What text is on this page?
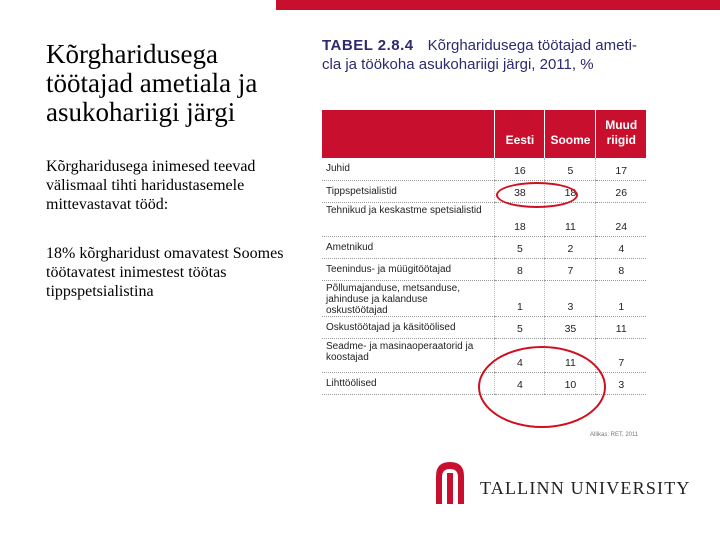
Kõrgharidusega töötajad ametiala ja asukohariigi järgi
Kõrgharidusega inimesed teevad välismaal tihti haridustasemele mittevastavat tööd:
18% kõrgharidust omavatest Soomes töötavatest inimestest töötas tippspetsialistina
TABEL 2.8.4 Kõrgharidusega töötajad ameti-cla ja töökoha asukohariigi järgi, 2011, %
	Eesti	Soome	Muud riigid
Juhid	16	5	17
Tippspetsialistid	38	18	26
Tehnikud ja keskastme spetsialistid	18	11	24
Ametnikud	5	2	4
Teenindus- ja müügitöötajad	8	7	8
Põllumajanduse, metsanduse, jahinduse ja kalanduse oskustöötajad	1	3	1
Oskustöötajad ja käsitöölised	5	35	11
Seadme- ja masinaoperaatorid ja koostajad	4	11	7
Lihttöölised	4	10	3
Allikas: RET, 2011
TALLINN UNIVERSITY
